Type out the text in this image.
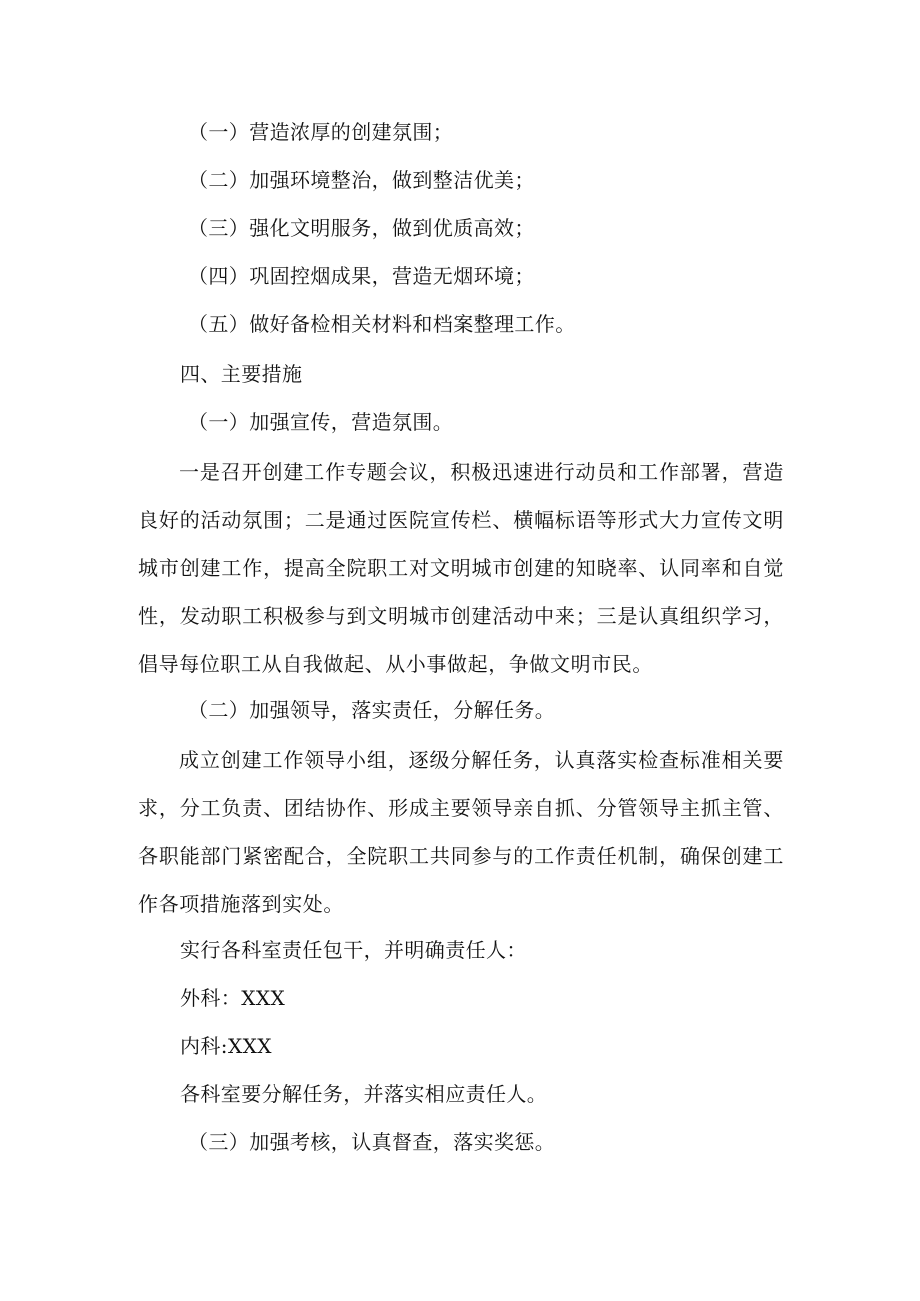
（一）营造浓厚的创建氛围；
（二）加强环境整治，做到整洁优美；
（三）强化文明服务，做到优质高效；
（四）巩固控烟成果，营造无烟环境；
（五）做好备检相关材料和档案整理工作。
四、主要措施
（一）加强宣传，营造氛围。

一是召开创建工作专题会议，积极迅速进行动员和工作部署，营造良好的活动氛围；二是通过医院宣传栏、横幅标语等形式大力宣传文明城市创建工作，提高全院职工对文明城市创建的知晓率、认同率和自觉性，发动职工积极参与到文明城市创建活动中来；三是认真组织学习，倡导每位职工从自我做起、从小事做起，争做文明市民。

（二）加强领导，落实责任，分解任务。

成立创建工作领导小组，逐级分解任务，认真落实检查标准相关要求，分工负责、团结协作、形成主要领导亲自抓、分管领导主抓主管、各职能部门紧密配合，全院职工共同参与的工作责任机制，确保创建工作各项措施落到实处。

实行各科室责任包干，并明确责任人：
外科：XXX
内科:XXX
各科室要分解任务，并落实相应责任人。
（三）加强考核，认真督查，落实奖惩。
